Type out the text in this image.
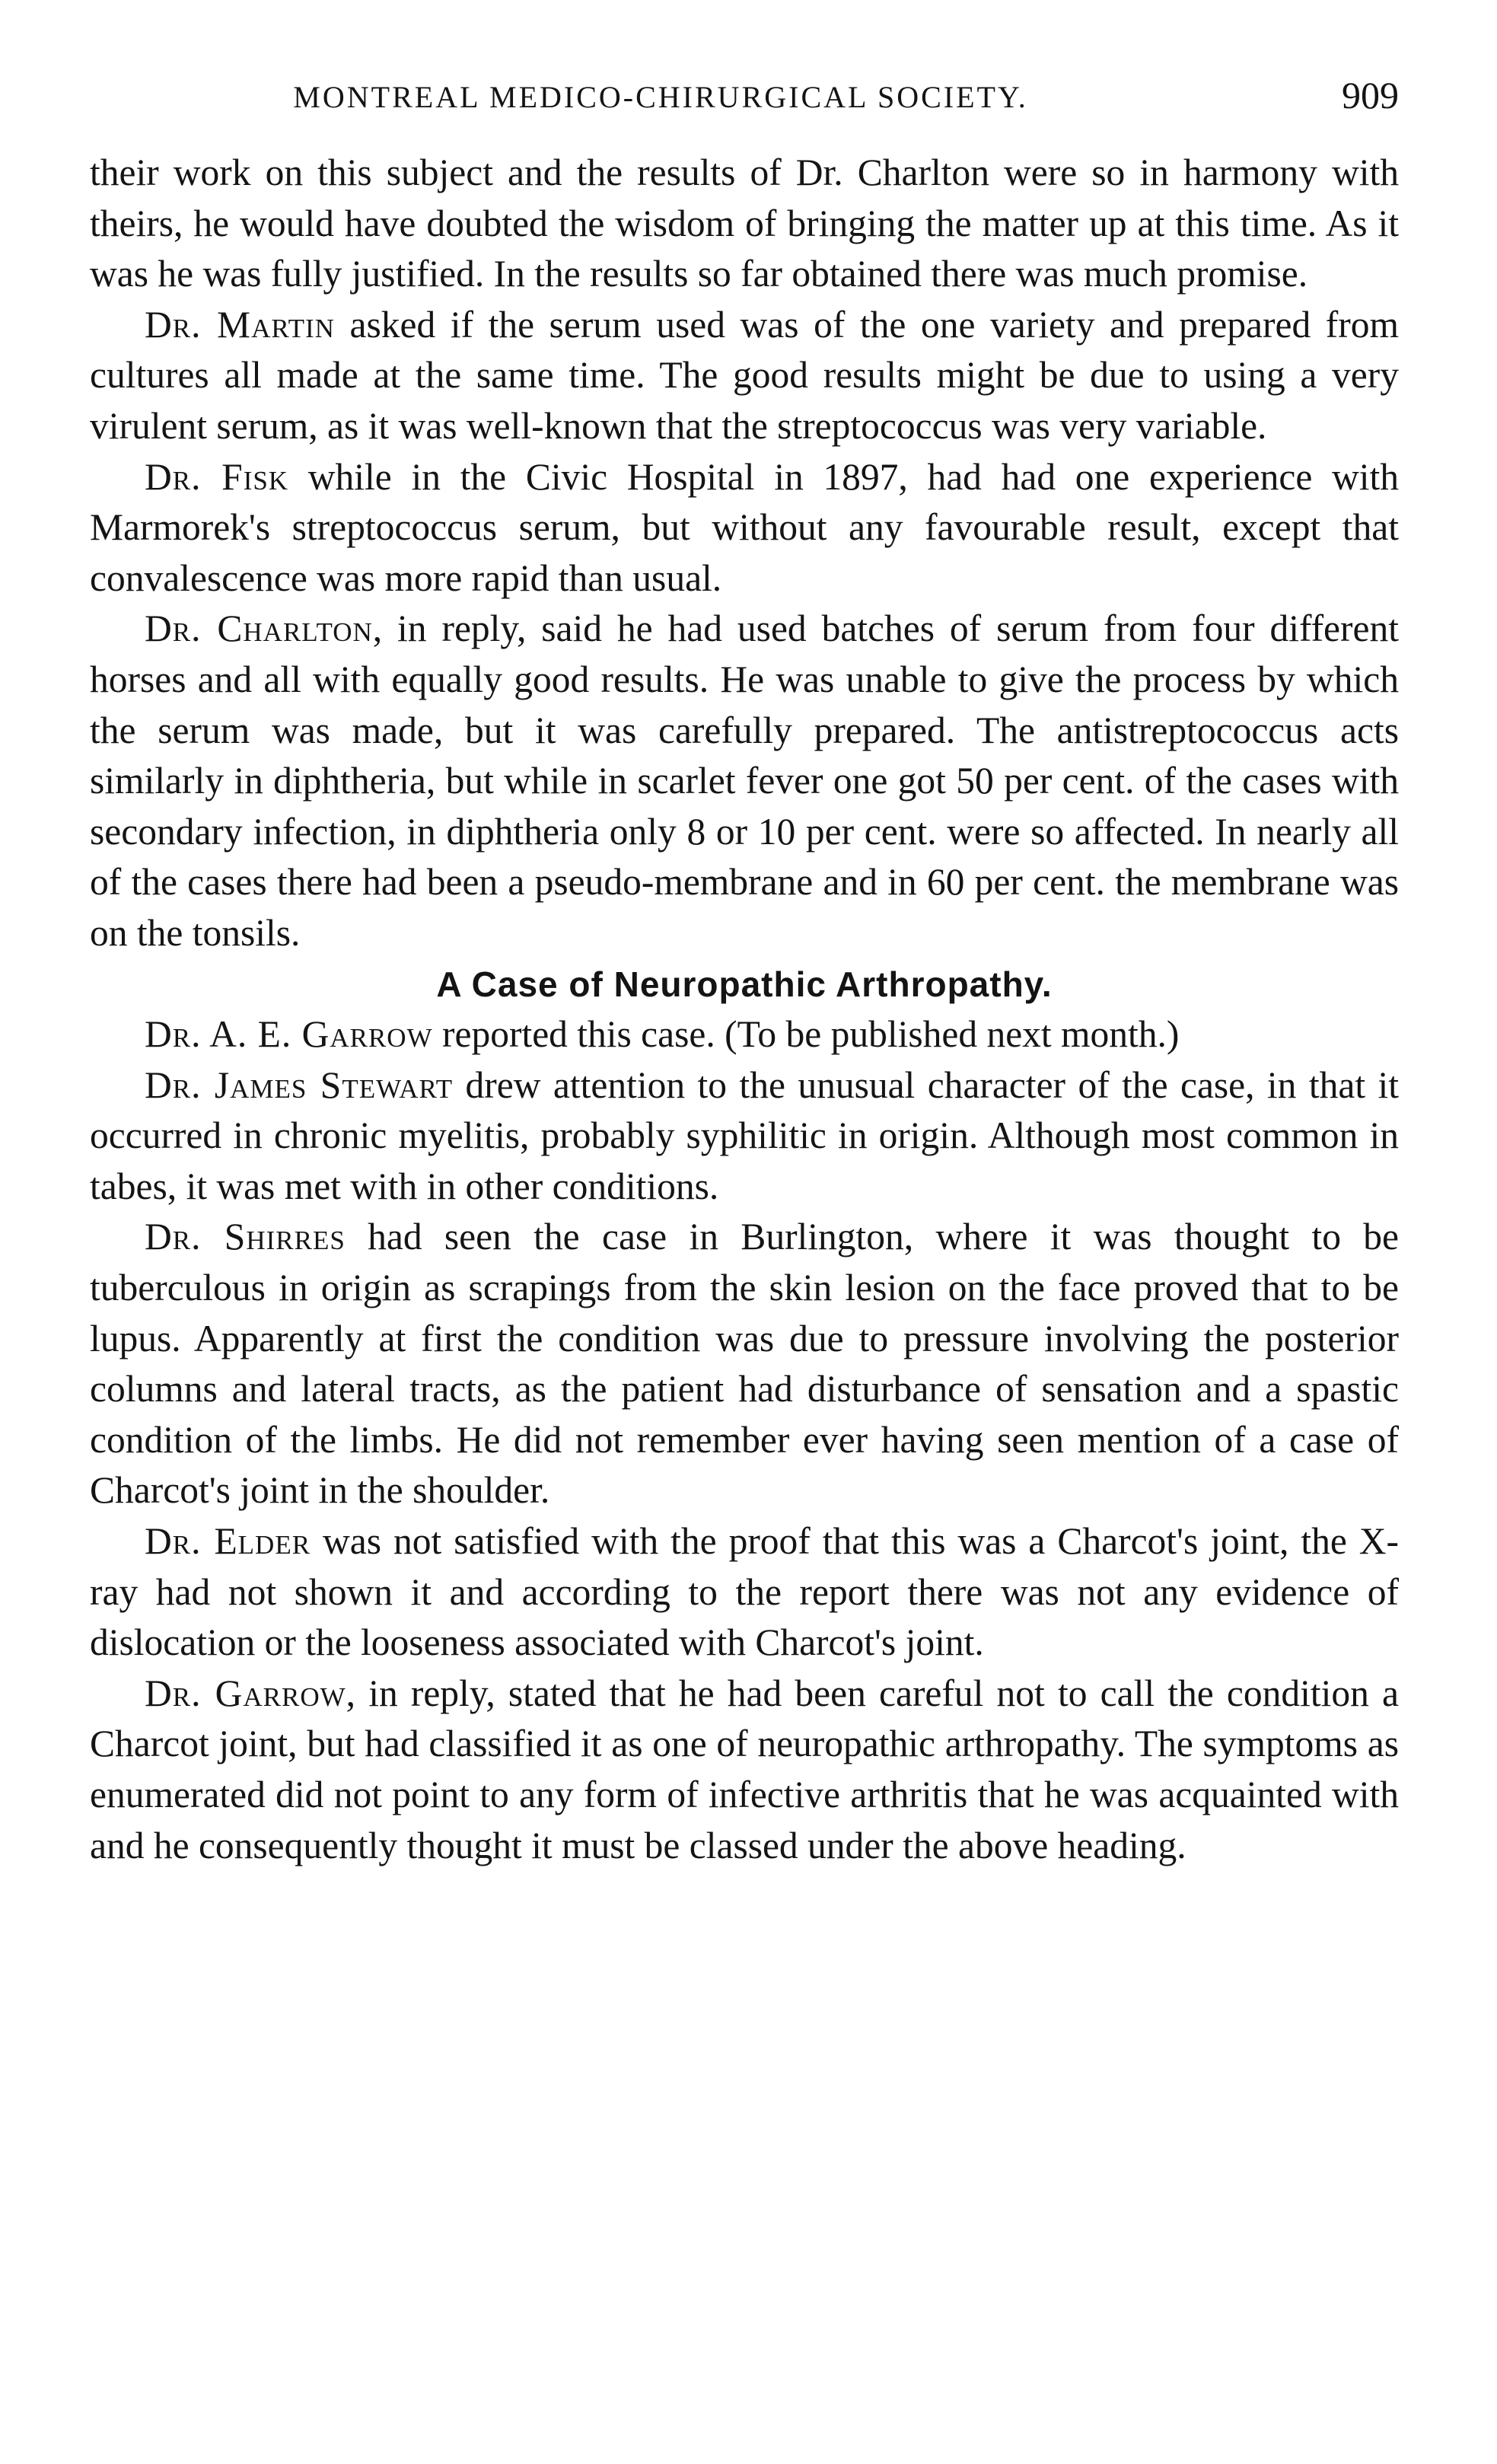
MONTREAL MEDICO-CHIRURGICAL SOCIETY.	909

their work on this subject and the results of Dr. Charlton were so in harmony with theirs, he would have doubted the wisdom of bringing the matter up at this time. As it was he was fully justified. In the results so far obtained there was much promise.

Dr. Martin asked if the serum used was of the one variety and prepared from cultures all made at the same time. The good results might be due to using a very virulent serum, as it was well-known that the streptococcus was very variable.

Dr. Fisk while in the Civic Hospital in 1897, had had one experience with Marmorek's streptococcus serum, but without any favourable result, except that convalescence was more rapid than usual.

Dr. Charlton, in reply, said he had used batches of serum from four different horses and all with equally good results. He was unable to give the process by which the serum was made, but it was carefully prepared. The antistreptococcus acts similarly in diphtheria, but while in scarlet fever one got 50 per cent. of the cases with secondary infection, in diphtheria only 8 or 10 per cent. were so affected. In nearly all of the cases there had been a pseudo-membrane and in 60 per cent. the membrane was on the tonsils.

A Case of Neuropathic Arthropathy.

Dr. A. E. Garrow reported this case. (To be published next month.)

Dr. James Stewart drew attention to the unusual character of the case, in that it occurred in chronic myelitis, probably syphilitic in origin. Although most common in tabes, it was met with in other conditions.

Dr. Shirres had seen the case in Burlington, where it was thought to be tuberculous in origin as scrapings from the skin lesion on the face proved that to be lupus. Apparently at first the condition was due to pressure involving the posterior columns and lateral tracts, as the patient had disturbance of sensation and a spastic condition of the limbs. He did not remember ever having seen mention of a case of Charcot's joint in the shoulder.

Dr. Elder was not satisfied with the proof that this was a Charcot's joint, the X-ray had not shown it and according to the report there was not any evidence of dislocation or the looseness associated with Charcot's joint.

Dr. Garrow, in reply, stated that he had been careful not to call the condition a Charcot joint, but had classified it as one of neuropathic arthropathy. The symptoms as enumerated did not point to any form of infective arthritis that he was acquainted with and he consequently thought it must be classed under the above heading.
